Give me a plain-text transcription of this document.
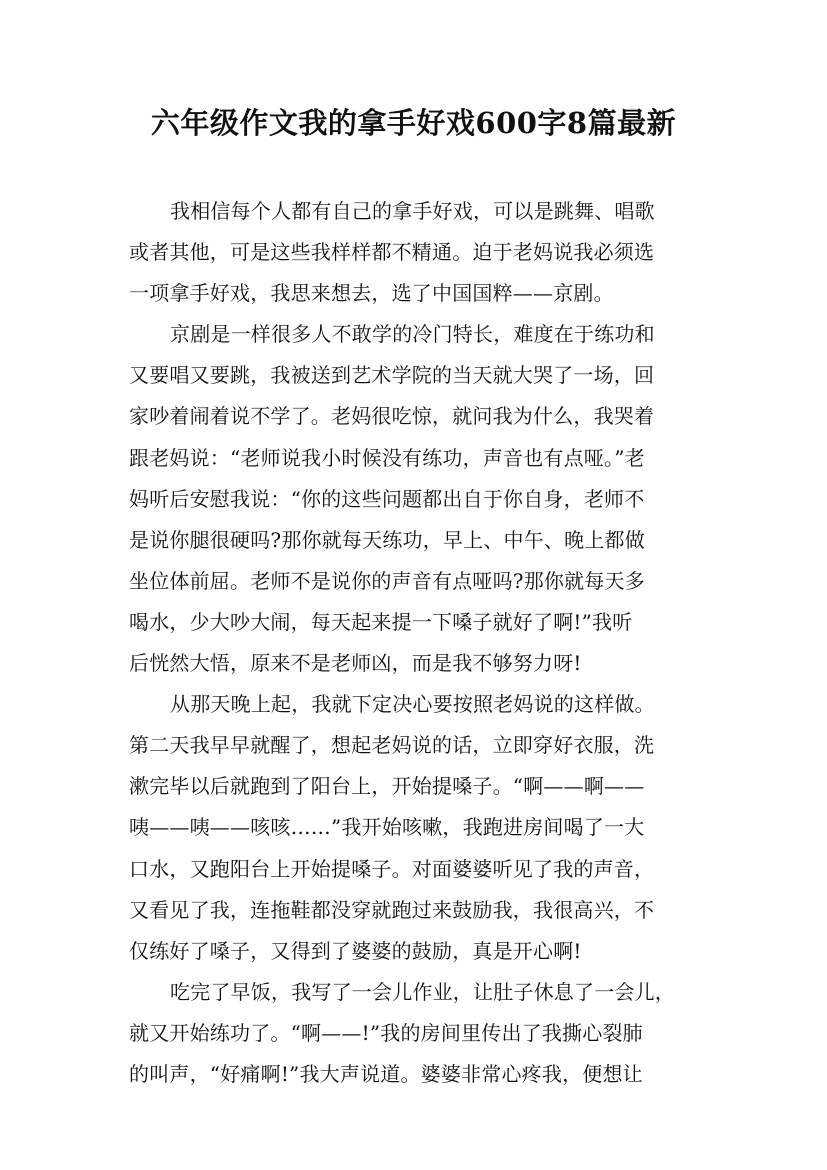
六年级作文我的拿手好戏600字8篇最新
我相信每个人都有自己的拿手好戏，可以是跳舞、唱歌
或者其他，可是这些我样样都不精通。迫于老妈说我必须选
一项拿手好戏，我思来想去，选了中国国粹——京剧。
京剧是一样很多人不敢学的冷门特长，难度在于练功和
又要唱又要跳，我被送到艺术学院的当天就大哭了一场，回
家吵着闹着说不学了。老妈很吃惊，就问我为什么，我哭着
跟老妈说：“老师说我小时候没有练功，声音也有点哑。”老
妈听后安慰我说：“你的这些问题都出自于你自身，老师不
是说你腿很硬吗?那你就每天练功，早上、中午、晚上都做
坐位体前屈。老师不是说你的声音有点哑吗?那你就每天多
喝水，少大吵大闹，每天起来提一下嗓子就好了啊!”我听
后恍然大悟，原来不是老师凶，而是我不够努力呀!
从那天晚上起，我就下定决心要按照老妈说的这样做。
第二天我早早就醒了，想起老妈说的话，立即穿好衣服，洗
漱完毕以后就跑到了阳台上，开始提嗓子。“啊——啊——
咦——咦——咳咳……”我开始咳嗽，我跑进房间喝了一大
口水，又跑阳台上开始提嗓子。对面婆婆听见了我的声音，
又看见了我，连拖鞋都没穿就跑过来鼓励我，我很高兴，不
仅练好了嗓子，又得到了婆婆的鼓励，真是开心啊!
吃完了早饭，我写了一会儿作业，让肚子休息了一会儿，
就又开始练功了。“啊——!”我的房间里传出了我撕心裂肺
的叫声，“好痛啊!”我大声说道。婆婆非常心疼我，便想让
